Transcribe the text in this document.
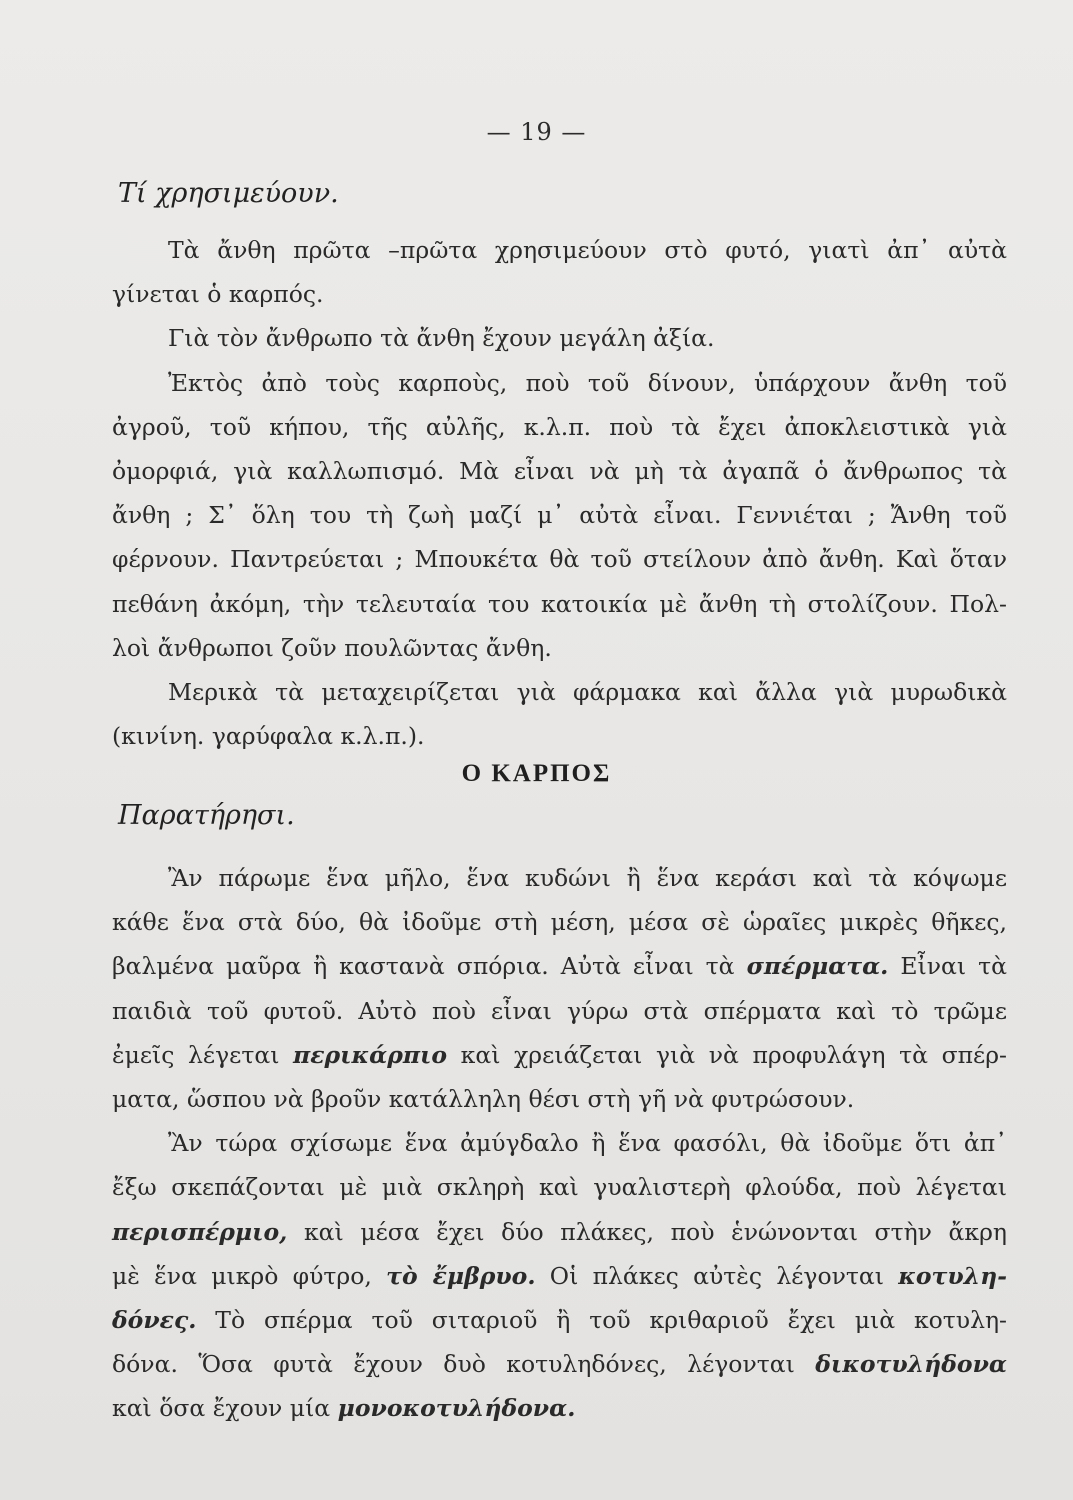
— 19 —
Τί χρησιμεύουν.
Τὰ ἄνθη πρῶτα –πρῶτα χρησιμεύουν στὸ φυτό, γιατὶ ἀπ᾽ αὐτὰ
γίνεται ὁ καρπός.
Γιὰ τὸν ἄνθρωπο τὰ ἄνθη ἔχουν μεγάλη ἀξία.
Ἐκτὸς ἀπὸ τοὺς καρποὺς, ποὺ τοῦ δίνουν, ὑπάρχουν ἄνθη τοῦ
ἀγροῦ, τοῦ κήπου, τῆς αὐλῆς, κ.λ.π. ποὺ τὰ ἔχει ἀποκλειστικὰ γιὰ
ὀμορφιά, γιὰ καλλωπισμό. Μὰ εἶναι νὰ μὴ τὰ ἀγαπᾶ ὁ ἄνθρωπος τὰ
ἄνθη ; Σ᾽ ὅλη του τὴ ζωὴ μαζί μ᾽ αὐτὰ εἶναι. Γεννιέται ; Ἄνθη τοῦ
φέρνουν. Παντρεύεται ; Μπουκέτα θὰ τοῦ στείλουν ἀπὸ ἄνθη. Καὶ ὅταν
πεθάνη ἀκόμη, τὴν τελευταία του κατοικία μὲ ἄνθη τὴ στολίζουν. Πολ-
λοὶ ἄνθρωποι ζοῦν πουλῶντας ἄνθη.
Μερικὰ τὰ μεταχειρίζεται γιὰ φάρμακα καὶ ἄλλα γιὰ μυρωδικὰ
(κινίνη. γαρύφαλα κ.λ.π.).
Ο ΚΑΡΠΟΣ
Παρατήρησι.
Ἂν πάρωμε ἕνα μῆλο, ἕνα κυδώνι ἢ ἕνα κεράσι καὶ τὰ κόψωμε
κάθε ἕνα στὰ δύο, θὰ ἰδοῦμε στὴ μέση, μέσα σὲ ὡραῖες μικρὲς θῆκες,
βαλμένα μαῦρα ἢ καστανὰ σπόρια. Αὐτὰ εἶναι τὰ σπέρματα. Εἶναι τὰ
παιδιὰ τοῦ φυτοῦ. Αὐτὸ ποὺ εἶναι γύρω στὰ σπέρματα καὶ τὸ τρῶμε
ἐμεῖς λέγεται περικάρπιο καὶ χρειάζεται γιὰ νὰ προφυλάγη τὰ σπέρ-
ματα, ὥσπου νὰ βροῦν κατάλληλη θέσι στὴ γῆ νὰ φυτρώσουν.
Ἂν τώρα σχίσωμε ἕνα ἀμύγδαλο ἢ ἕνα φασόλι, θὰ ἰδοῦμε ὅτι ἀπ᾽
ἔξω σκεπάζονται μὲ μιὰ σκληρὴ καὶ γυαλιστερὴ φλούδα, ποὺ λέγεται
περισπέρμιο, καὶ μέσα ἔχει δύο πλάκες, ποὺ ἑνώνονται στὴν ἄκρη
μὲ ἕνα μικρὸ φύτρο, τὸ ἔμβρυο. Οἱ πλάκες αὐτὲς λέγονται κοτυλη-
δόνες. Τὸ σπέρμα τοῦ σιταριοῦ ἢ τοῦ κριθαριοῦ ἔχει μιὰ κοτυλη-
δόνα. Ὅσα φυτὰ ἔχουν δυὸ κοτυληδόνες, λέγονται δικοτυλήδονα
καὶ ὅσα ἔχουν μία μονοκοτυλήδονα.
